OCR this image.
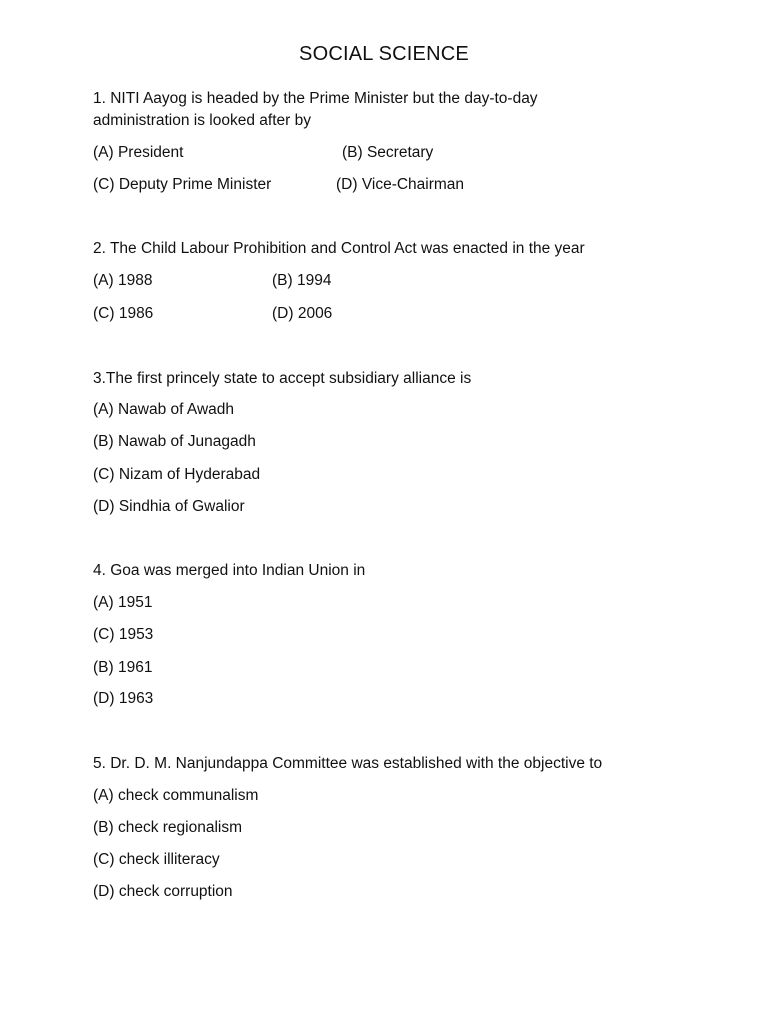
SOCIAL SCIENCE

1. NITI Aayog is headed by the Prime Minister but the day-to-day

administration is looked after by

(A) President	(B) Secretary
(C) Deputy Prime Minister	(D) Vice-Chairman
2. The Child Labour Prohibition and Control Act was enacted in the year
(A) 1988	(B) 1994
(C) 1986	(D) 2006
3.The first princely state to accept subsidiary alliance is
(A) Nawab of Awadh
(B) Nawab of Junagadh
(C) Nizam of Hyderabad
(D) Sindhia of Gwalior
4. Goa was merged into Indian Union in
(A) 1951
(C) 1953
(B) 1961
(D) 1963
5. Dr. D. M. Nanjundappa Committee was established with the objective to
(A) check communalism
(B) check regionalism
(C) check illiteracy
(D) check corruption
